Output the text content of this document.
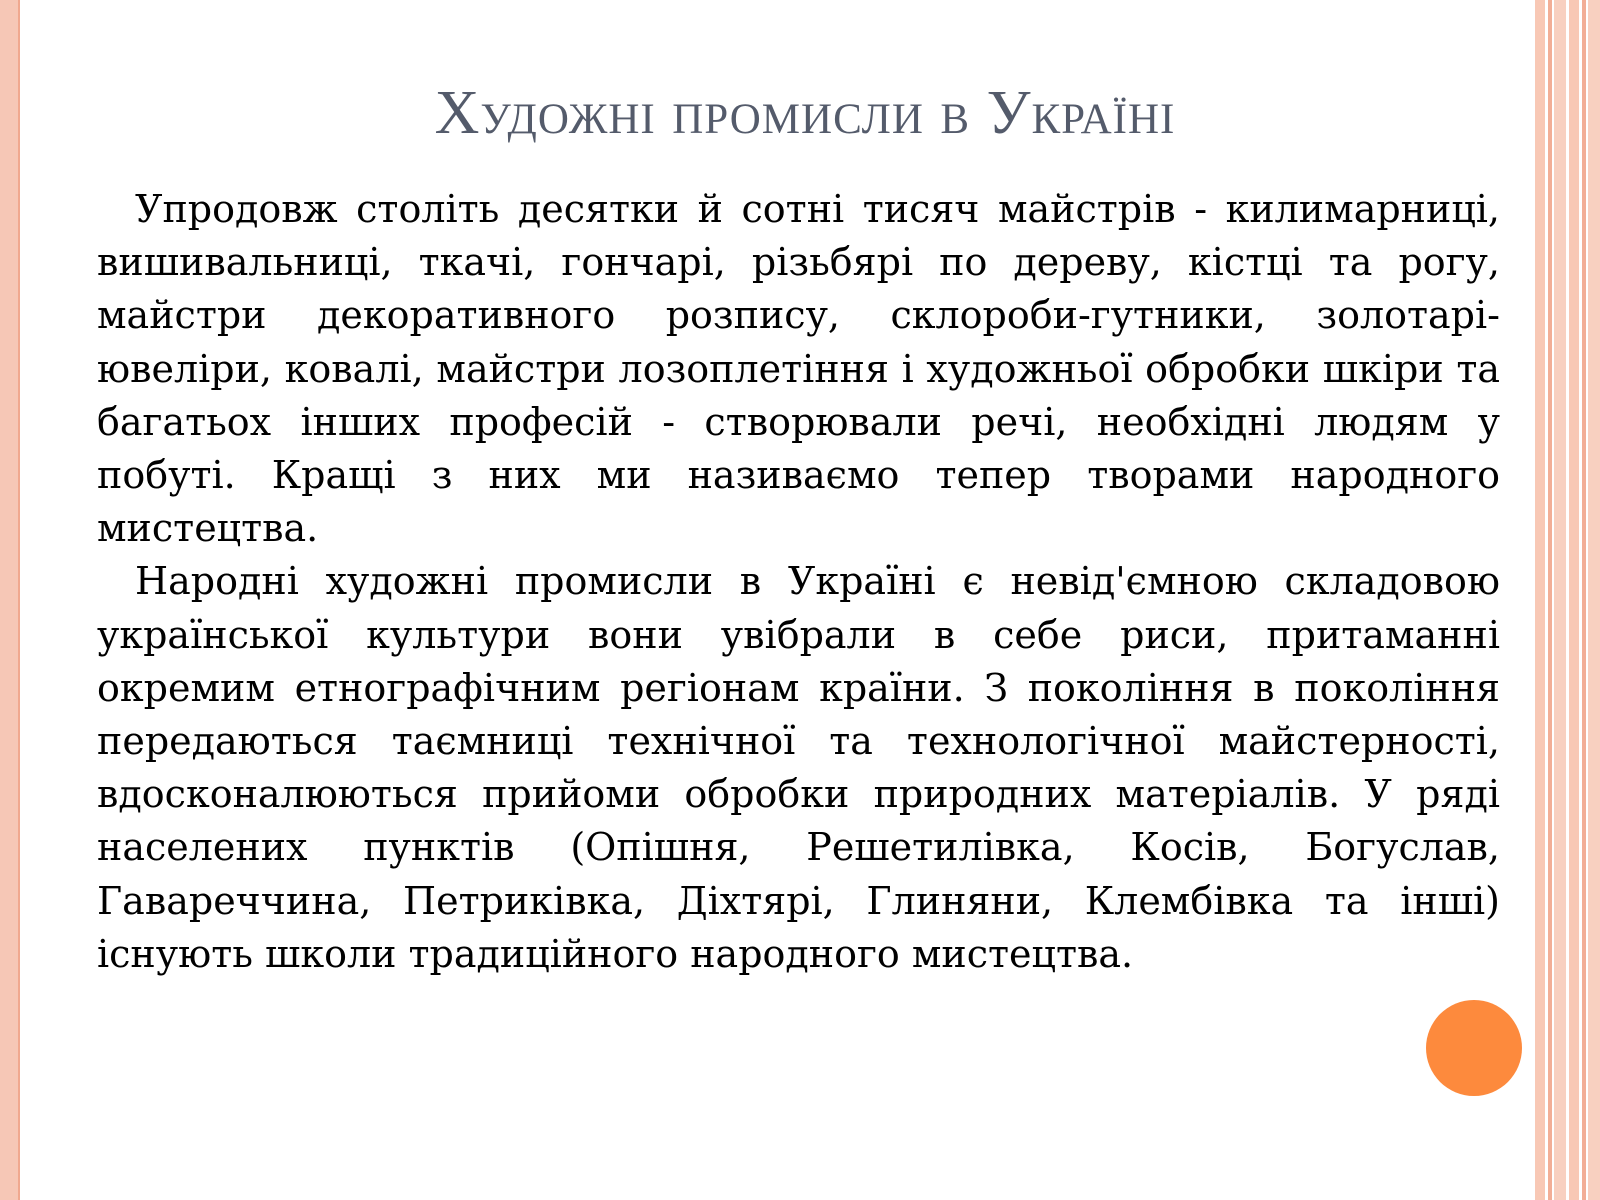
Художні промисли в Україні

Упродовж століть десятки й сотні тисяч майстрів - килимарниці, вишивальниці, ткачі, гончарі, різьбярі по дереву, кістці та рогу, майстри декоративного розпису, склороби-гутники, золотарі-ювеліри, ковалі, майстри лозоплетіння і художньої обробки шкіри та багатьох інших професій - створювали речі, необхідні людям у побуті. Кращі з них ми називаємо тепер творами народного мистецтва.

Народні художні промисли в Україні є невід'ємною складовою української культури вони увібрали в себе риси, притаманні окремим етнографічним регіонам країни. З покоління в покоління передаються таємниці технічної та технологічної майстерності, вдосконалюються прийоми обробки природних матеріалів. У ряді населених пунктів (Опішня, Решетилівка, Косів, Богуслав, Гавареччина, Петриківка, Діхтярі, Глиняни, Клембівка та інші) існують школи традиційного народного мистецтва.
